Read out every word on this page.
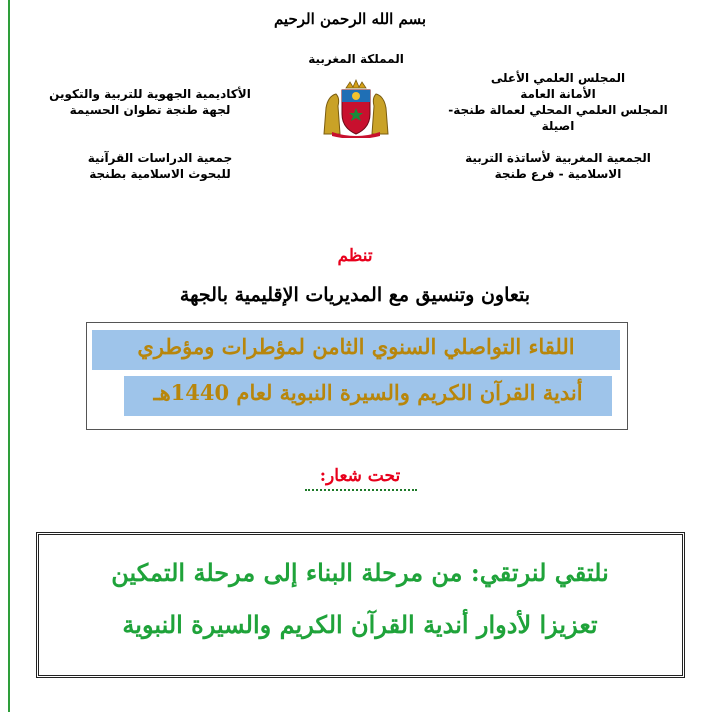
بسم الله الرحمن الرحيم
المملكة المغربية
المجلس العلمي الأعلى
الأمانة العامة
المجلس العلمي المحلي لعمالة طنجة-اصيلة
الأكاديمية الجهوية للتربية والتكوين
لجهة طنجة تطوان الحسيمة
الجمعية المغربية لأساتذة التربية
الاسلامية - فرع طنجة
جمعية الدراسات القرآنية
للبحوث الاسلامية بطنجة
تنظم
بتعاون وتنسيق مع المديريات الإقليمية بالجهة
اللقاء التواصلي السنوي الثامن لمؤطرات ومؤطري
أندية القرآن الكريم والسيرة النبوية لعام 1440هـ
تحت شعار:
نلتقي لنرتقي: من مرحلة البناء إلى مرحلة التمكين
تعزيزا لأدوار أندية القرآن الكريم والسيرة النبوية
